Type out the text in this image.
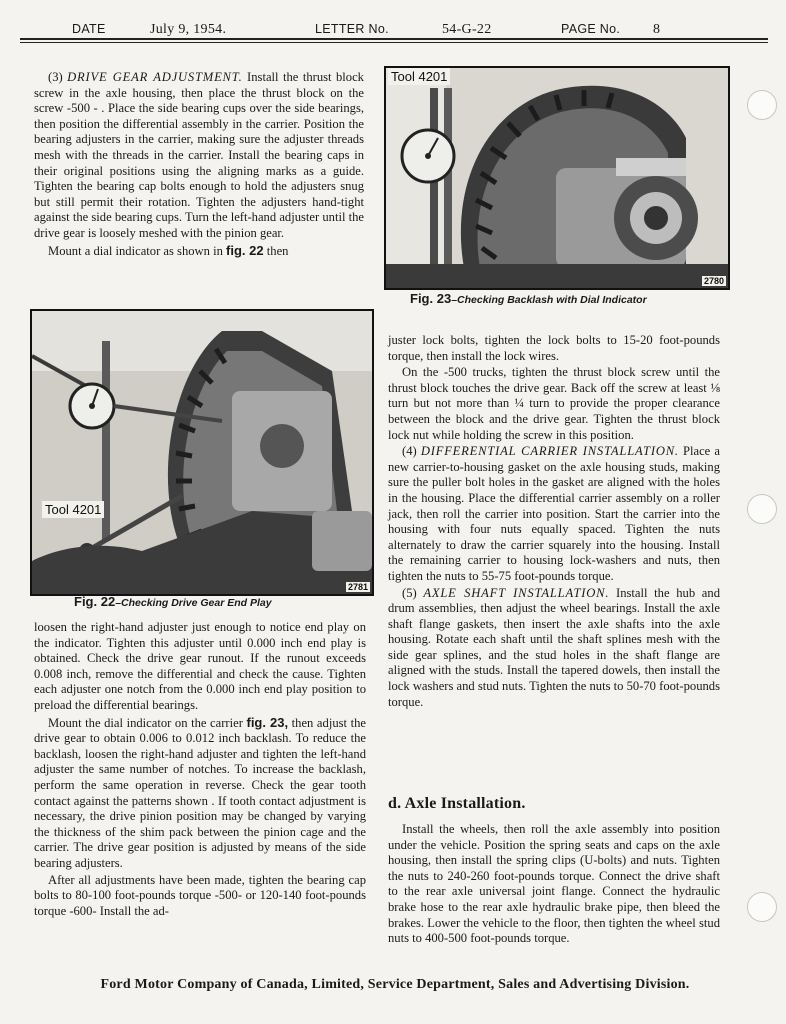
DATE	July 9, 1954.	LETTER No.	54-G-22	PAGE No. 8

(3) DRIVE GEAR ADJUSTMENT. Install the thrust block screw in the axle housing, then place the thrust block on the screw -500 - . Place the side bearing cups over the side bearings, then position the differential assembly in the carrier. Position the bearing adjusters in the carrier, making sure the adjuster threads mesh with the threads in the carrier. Install the bearing caps in their original positions using the aligning marks as a guide. Tighten the bearing cap bolts enough to hold the adjusters snug but still permit their rotation. Tighten the adjusters hand-tight against the side bearing cups. Turn the left-hand adjuster until the drive gear is loosely meshed with the pinion gear.

Mount a dial indicator as shown in fig. 22 then

Tool 4201
2780
Fig. 23–Checking Backlash with Dial Indicator
Tool 4201
2781
Fig. 22–Checking Drive Gear End Play

loosen the right-hand adjuster just enough to notice end play on the indicator. Tighten this adjuster until 0.000 inch end play is obtained. Check the drive gear runout. If the runout exceeds 0.008 inch, remove the differential and check the cause. Tighten each adjuster one notch from the 0.000 inch end play position to preload the differential bearings.

Mount the dial indicator on the carrier fig. 23, then adjust the drive gear to obtain 0.006 to 0.012 inch backlash. To reduce the backlash, loosen the right-hand adjuster and tighten the left-hand adjuster the same number of notches. To increase the backlash, perform the same operation in reverse. Check the gear tooth contact against the patterns shown . If tooth contact adjustment is necessary, the drive pinion position may be changed by varying the thickness of the shim pack between the pinion cage and the carrier. The drive gear position is adjusted by means of the side bearing adjusters.

After all adjustments have been made, tighten the bearing cap bolts to 80-100 foot-pounds torque -500- or 120-140 foot-pounds torque -600- Install the ad-

juster lock bolts, tighten the lock bolts to 15-20 foot-pounds torque, then install the lock wires.

On the -500 trucks, tighten the thrust block screw until the thrust block touches the drive gear. Back off the screw at least ⅛ turn but not more than ¼ turn to provide the proper clearance between the block and the drive gear. Tighten the thrust block lock nut while holding the screw in this position.

(4) DIFFERENTIAL CARRIER INSTALLATION. Place a new carrier-to-housing gasket on the axle housing studs, making sure the puller bolt holes in the gasket are aligned with the holes in the housing. Place the differential carrier assembly on a roller jack, then roll the carrier into position. Start the carrier into the housing with four nuts equally spaced. Tighten the nuts alternately to draw the carrier squarely into the housing. Install the remaining carrier to housing lock-washers and nuts, then tighten the nuts to 55-75 foot-pounds torque.

(5) AXLE SHAFT INSTALLATION. Install the hub and drum assemblies, then adjust the wheel bearings. Install the axle shaft flange gaskets, then insert the axle shafts into the axle housing. Rotate each shaft until the shaft splines mesh with the side gear splines, and the stud holes in the shaft flange are aligned with the studs. Install the tapered dowels, then install the lock washers and stud nuts. Tighten the nuts to 50-70 foot-pounds torque.

d. Axle Installation.

Install the wheels, then roll the axle assembly into position under the vehicle. Position the spring seats and caps on the axle housing, then install the spring clips (U-bolts) and nuts. Tighten the nuts to 240-260 foot-pounds torque. Connect the drive shaft to the rear axle universal joint flange. Connect the hydraulic brake hose to the rear axle hydraulic brake pipe, then bleed the brakes. Lower the vehicle to the floor, then tighten the wheel stud nuts to 400-500 foot-pounds torque.

Ford Motor Company of Canada, Limited, Service Department, Sales and Advertising Division.
